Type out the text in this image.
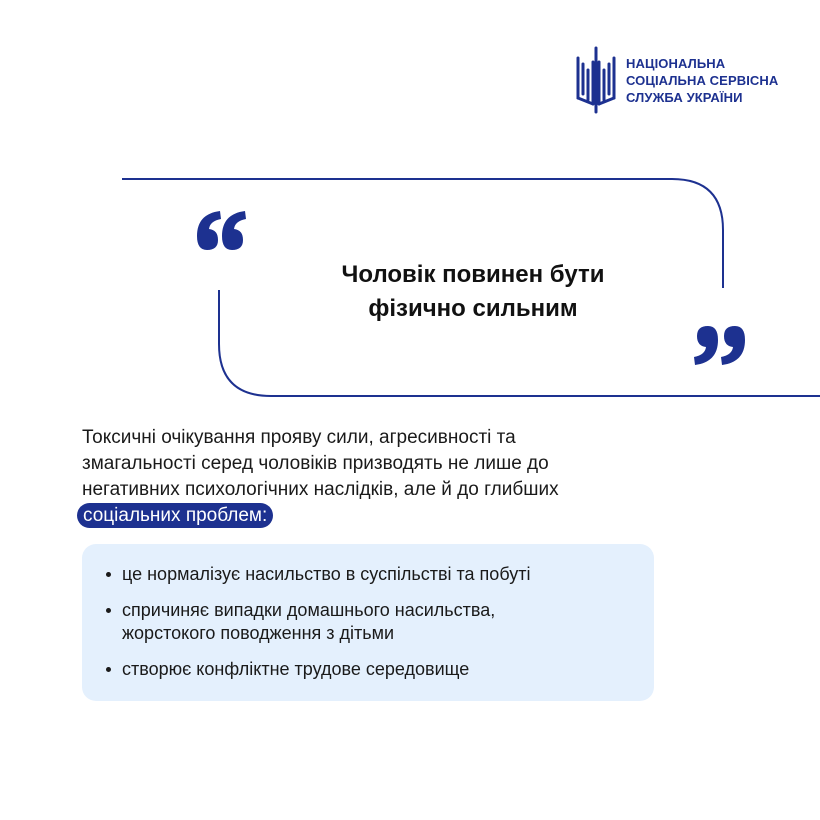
НАЦІОНАЛЬНА
СОЦІАЛЬНА СЕРВІСНА
СЛУЖБА УКРАЇНИ
Чоловік повинен бути
фізично сильним
Токсичні очікування прояву сили, агресивності та
змагальності серед чоловіків призводять не лише до
негативних психологічних наслідків, але й до глибших
соціальних проблем:
це нормалізує насильство в суспільстві та побуті
спричиняє випадки домашнього насильства,
жорстокого поводження з дітьми
створює конфліктне трудове середовище
